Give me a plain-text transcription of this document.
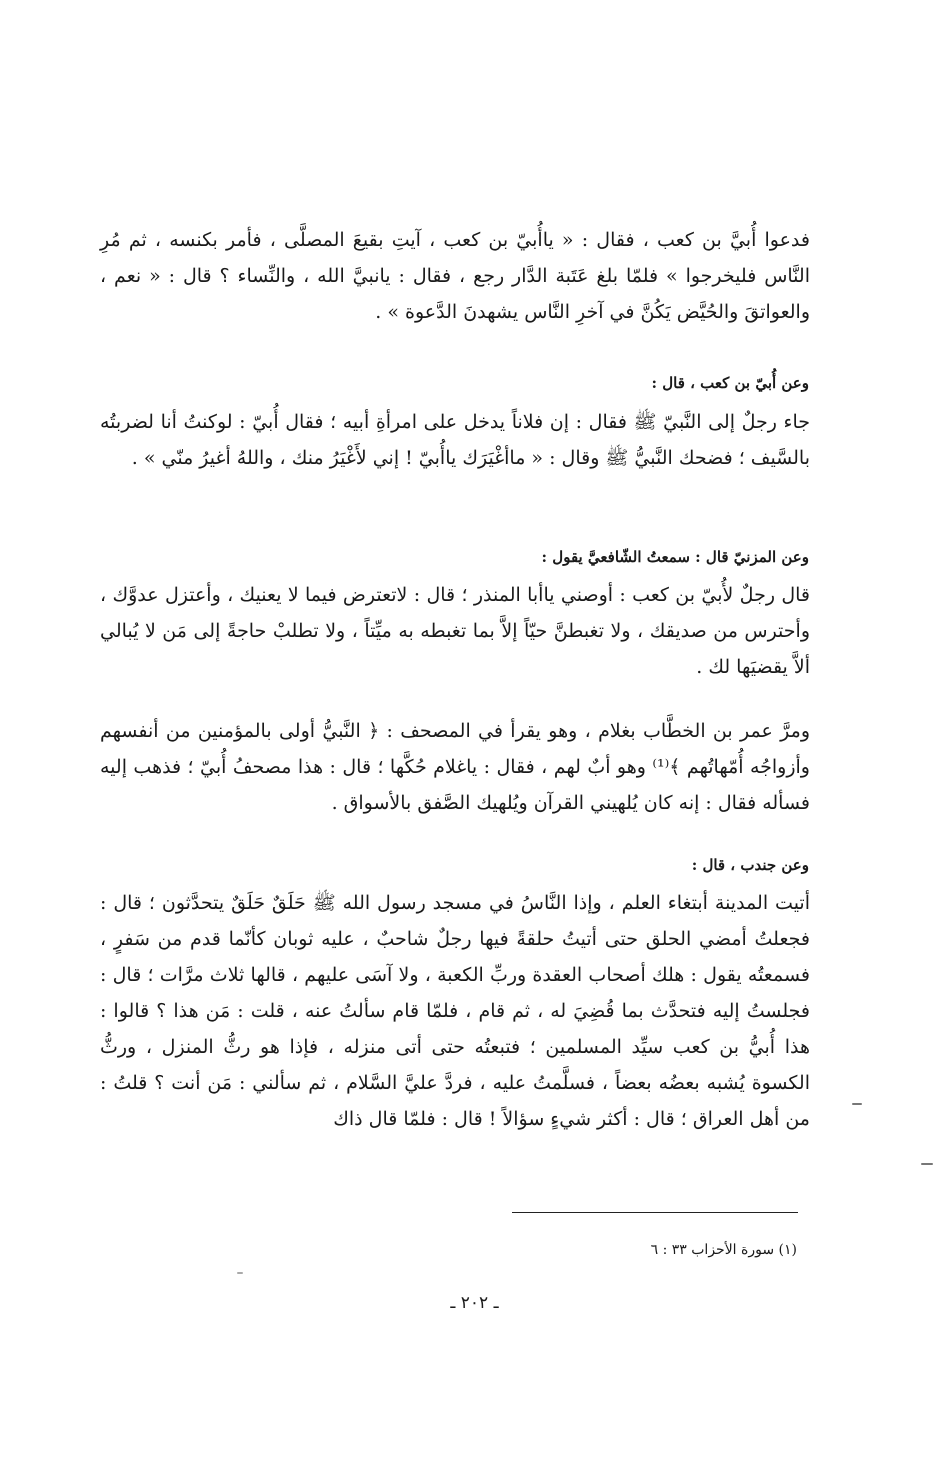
فدعوا أُبيَّ بن كعب ، فقال : « ياأُبيّ بن كعب ، آيتِ بقيعَ المصلَّى ، فأمر بكنسه ، ثم مُرِ النَّاس فليخرجوا » فلمّا بلغ عَتَبة الدَّار رجع ، فقال : يانبيَّ الله ، والنِّساء ؟ قال : « نعم ، والعواتقَ والحُيَّض يَكُنَّ في آخرِ النَّاس يشهدنَ الدَّعوة » .

وعن أُبيّ بن كعب ، قال :

جاء رجلٌ إلى النَّبيّ ﷺ فقال : إن فلاناً يدخل على امرأةِ أبيه ؛ فقال أُبيّ : لوكنتُ أنا لضربتُه بالسَّيف ؛ فضحك النَّبيُّ ﷺ وقال : « ماأغْيَرَك ياأُبيّ ! إني لأَغْيَرُ منك ، واللهُ أغيرُ منّي » .

وعن المزنيّ قال : سمعتُ الشّافعيَّ يقول :

قال رجلٌ لأُبيّ بن كعب : أوصني ياأبا المنذر ؛ قال : لاتعترض فيما لا يعنيك ، وأعتزل عدوَّك ، وأحترس من صديقك ، ولا تغبطنَّ حيّاً إلاَّ بما تغبطه به ميِّتاً ، ولا تطلبْ حاجةً إلى مَن لا يُبالي ألاَّ يقضيَها لك .

ومرَّ عمر بن الخطَّاب بغلام ، وهو يقرأ في المصحف : ﴿ النَّبيُّ أولى بالمؤمنين من أنفسهم وأزواجُه أُمّهاتُهم ﴾⁽¹⁾ وهو أبٌ لهم ، فقال : ياغلام حُكَّها ؛ قال : هذا مصحفُ أُبيّ ؛ فذهب إليه فسأله فقال : إنه كان يُلهيني القرآن ويُلهيك الصَّفق بالأسواق .

وعن جندب ، قال :

أتيت المدينة أبتغاء العلم ، وإذا النَّاسُ في مسجد رسول الله ﷺ حَلَقٌ حَلَقٌ يتحدَّثون ؛ قال : فجعلتُ أمضي الحلق حتى أتيتُ حلقةً فيها رجلٌ شاحبٌ ، عليه ثوبان كأنّما قدم من سَفرٍ ، فسمعتُه يقول : هلك أصحاب العقدة وربِّ الكعبة ، ولا آسَى عليهم ، قالها ثلاث مرَّات ؛ قال : فجلستُ إليه فتحدَّث بما قُضِيَ له ، ثم قام ، فلمّا قام سألتُ عنه ، قلت : مَن هذا ؟ قالوا : هذا أُبيُّ بن كعب سيِّد المسلمين ؛ فتبعتُه حتى أتى منزله ، فإذا هو رثُّ المنزل ، ورثُّ الكسوة يُشبه بعضُه بعضاً ، فسلَّمتُ عليه ، فردَّ عليَّ السَّلام ، ثم سألني : مَن أنت ؟ قلتُ : من أهل العراق ؛ قال : أكثر شيءٍ سؤالاً ! قال : فلمّا قال ذاك

(١) سورة الأحزاب ٣٣ : ٦
ـ ٢٠٢ ـ
